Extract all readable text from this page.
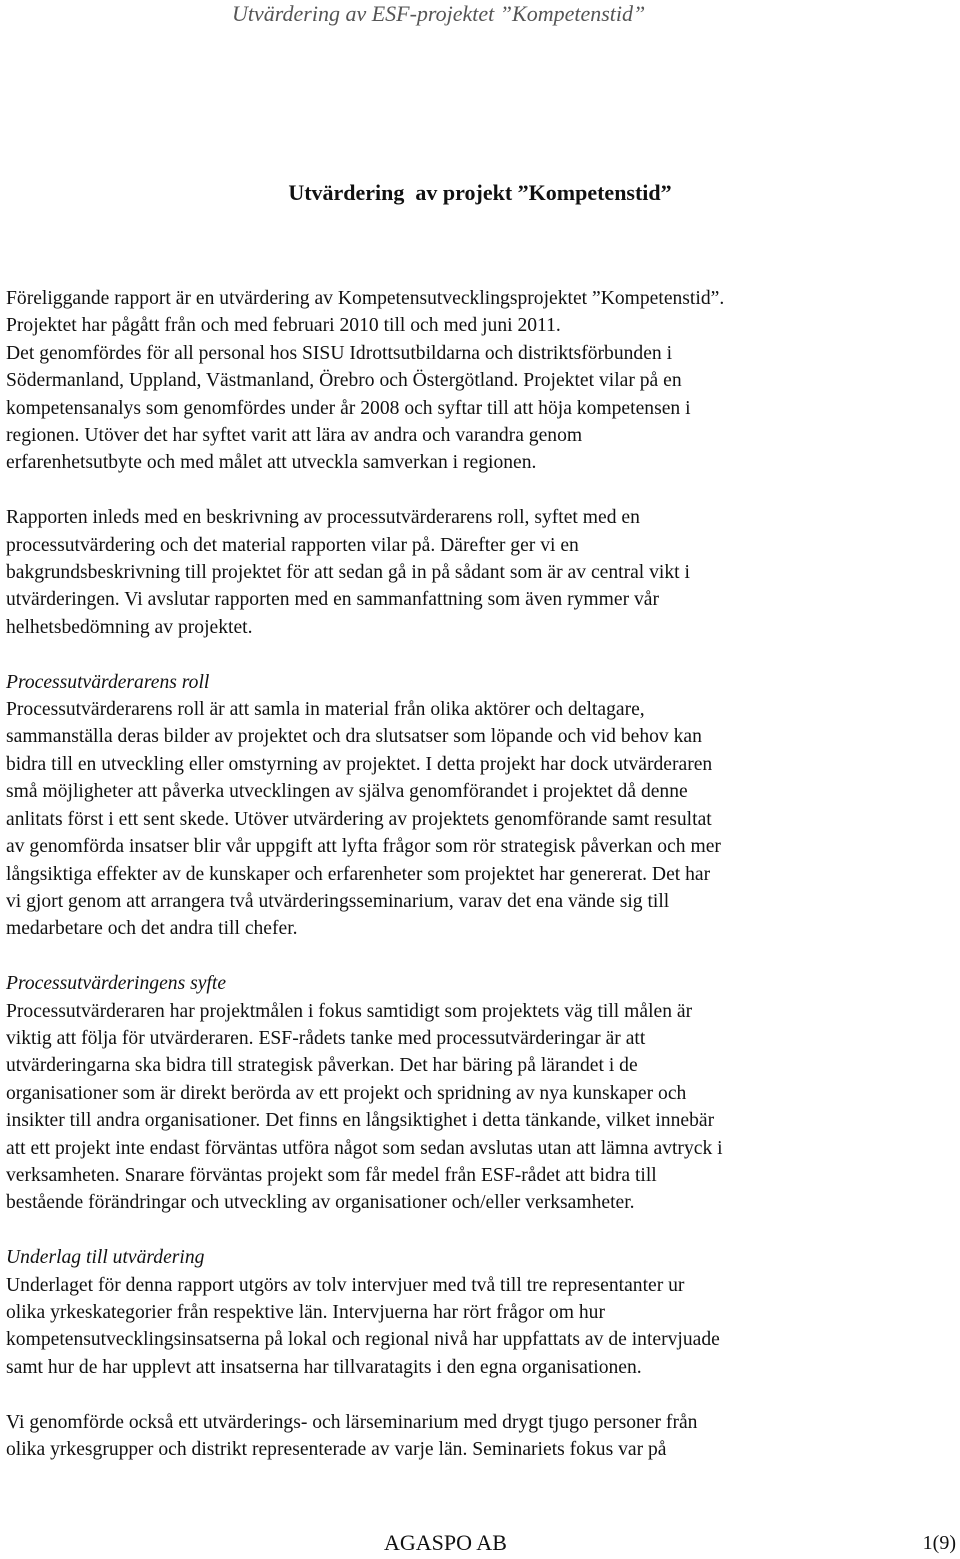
Utvärdering av ESF-projektet ”Kompetenstid”
Utvärdering  av projekt ”Kompetenstid”

Föreliggande rapport är en utvärdering av Kompetensutvecklingsprojektet ”Kompetenstid”.
Projektet har pågått från och med februari 2010 till och med juni 2011.
Det genomfördes för all personal hos SISU Idrottsutbildarna och distriktsförbunden i
Södermanland, Uppland, Västmanland, Örebro och Östergötland. Projektet vilar på en
kompetensanalys som genomfördes under år 2008 och syftar till att höja kompetensen i
regionen. Utöver det har syftet varit att lära av andra och varandra genom
erfarenhetsutbyte och med målet att utveckla samverkan i regionen.

Rapporten inleds med en beskrivning av processutvärderarens roll, syftet med en
processutvärdering och det material rapporten vilar på. Därefter ger vi en
bakgrundsbeskrivning till projektet för att sedan gå in på sådant som är av central vikt i
utvärderingen. Vi avslutar rapporten med en sammanfattning som även rymmer vår
helhetsbedömning av projektet.

Processutvärderarens roll

Processutvärderarens roll är att samla in material från olika aktörer och deltagare,
sammanställa deras bilder av projektet och dra slutsatser som löpande och vid behov kan
bidra till en utveckling eller omstyrning av projektet. I detta projekt har dock utvärderaren
små möjligheter att påverka utvecklingen av själva genomförandet i projektet då denne
anlitats först i ett sent skede. Utöver utvärdering av projektets genomförande samt resultat
av genomförda insatser blir vår uppgift att lyfta frågor som rör strategisk påverkan och mer
långsiktiga effekter av de kunskaper och erfarenheter som projektet har genererat. Det har
vi gjort genom att arrangera två utvärderingsseminarium, varav det ena vände sig till
medarbetare och det andra till chefer.

Processutvärderingens syfte

Processutvärderaren har projektmålen i fokus samtidigt som projektets väg till målen är
viktig att följa för utvärderaren. ESF-rådets tanke med processutvärderingar är att
utvärderingarna ska bidra till strategisk påverkan. Det har bäring på lärandet i de
organisationer som är direkt berörda av ett projekt och spridning av nya kunskaper och
insikter till andra organisationer. Det finns en långsiktighet i detta tänkande, vilket innebär
att ett projekt inte endast förväntas utföra något som sedan avslutas utan att lämna avtryck i
verksamheten. Snarare förväntas projekt som får medel från ESF-rådet att bidra till
bestående förändringar och utveckling av organisationer och/eller verksamheter.

Underlag till utvärdering

Underlaget för denna rapport utgörs av tolv intervjuer med två till tre representanter ur
olika yrkeskategorier från respektive län. Intervjuerna har rört frågor om hur
kompetensutvecklingsinsatserna på lokal och regional nivå har uppfattats av de intervjuade
samt hur de har upplevt att insatserna har tillvaratagits i den egna organisationen.

Vi genomförde också ett utvärderings- och lärseminarium med drygt tjugo personer från
olika yrkesgrupper och distrikt representerade av varje län. Seminariets fokus var på

AGASPO AB	1(9)
